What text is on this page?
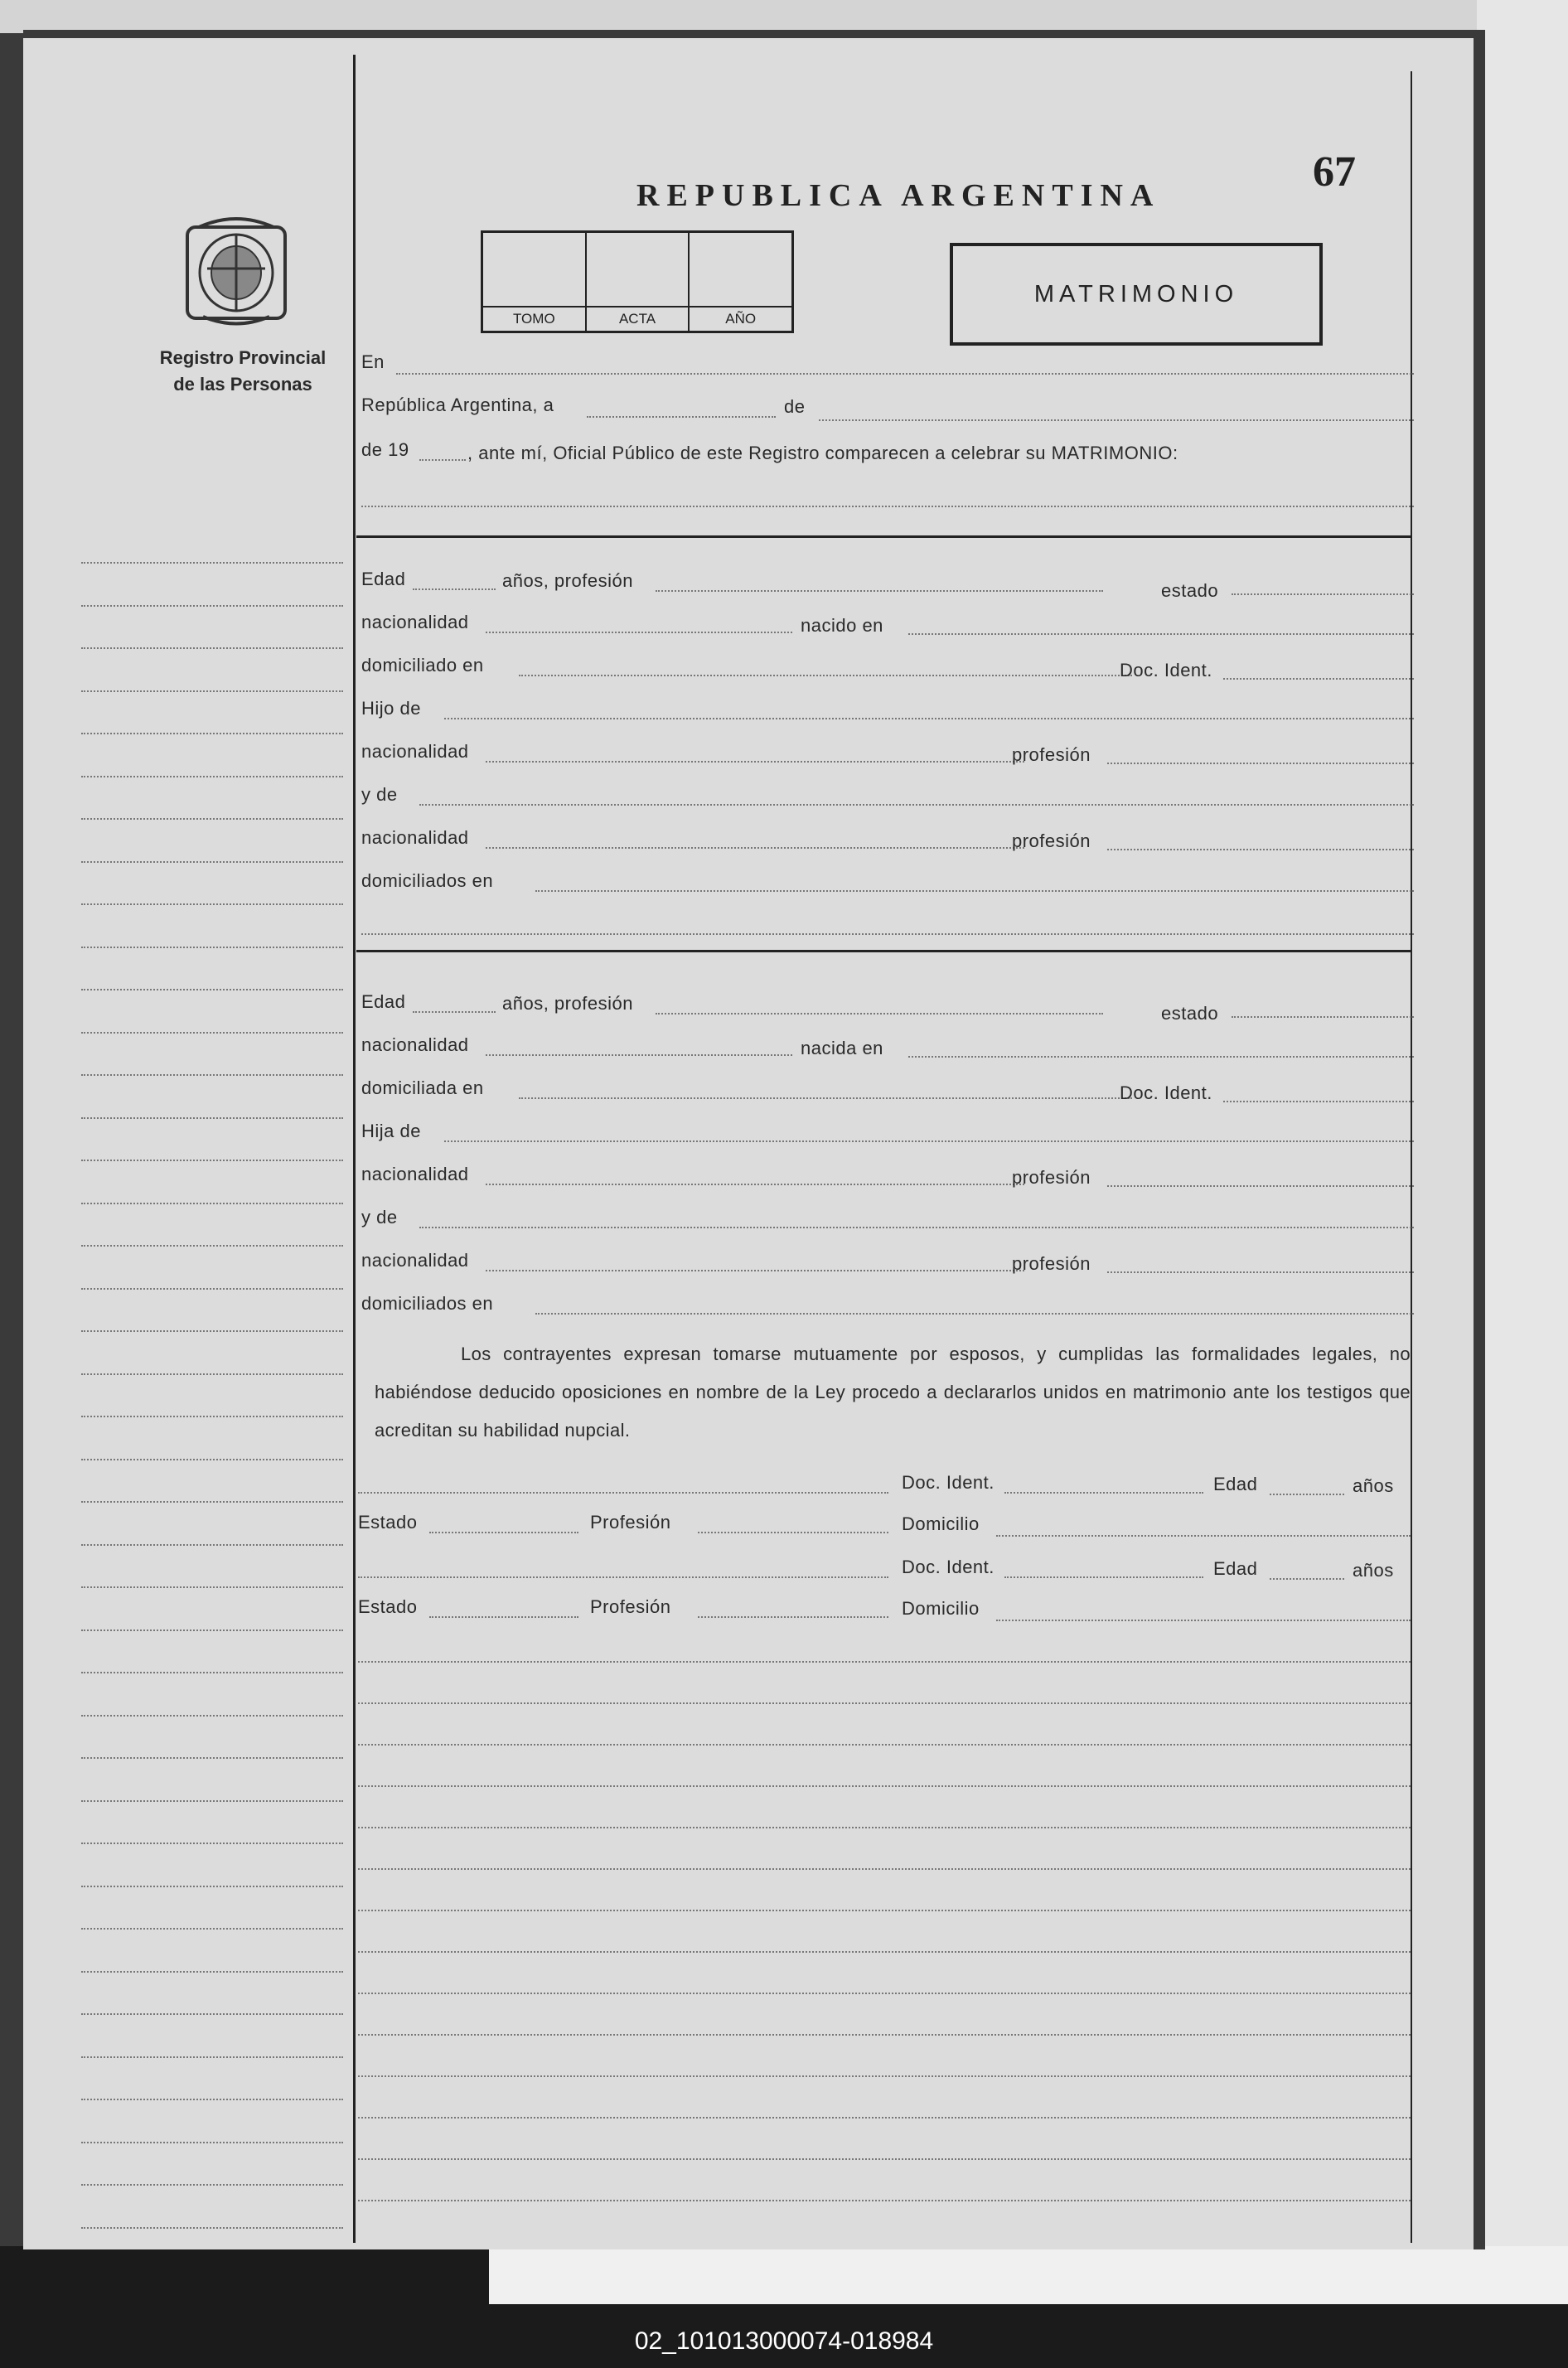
Registro Provincial
de las Personas
REPUBLICA ARGENTINA	67
TOMO	ACTA	AÑO
MATRIMONIO
En
República Argentina, a	de
de 19	, ante mí, Oficial Público de este Registro comparecen a celebrar su MATRIMONIO:
Edad	años, profesión	estado
nacionalidad	nacido en
domiciliado en	Doc. Ident.
Hijo de
nacionalidad	profesión
y de
nacionalidad	profesión
domiciliados en
Edad	años, profesión	estado
nacionalidad	nacida en
domiciliada en	Doc. Ident.
Hija de
nacionalidad	profesión
y de
nacionalidad	profesión
domiciliados en
Los contrayentes expresan tomarse mutuamente por esposos, y cumplidas las formalidades legales, no habiéndose deducido oposiciones en nombre de la Ley procedo a declararlos unidos en matrimonio ante los testigos que acreditan su habilidad nupcial.
Doc. Ident.	Edad	años
Estado	Profesión	Domicilio
Doc. Ident.	Edad	años
Estado	Profesión	Domicilio
02_101013000074-018984
